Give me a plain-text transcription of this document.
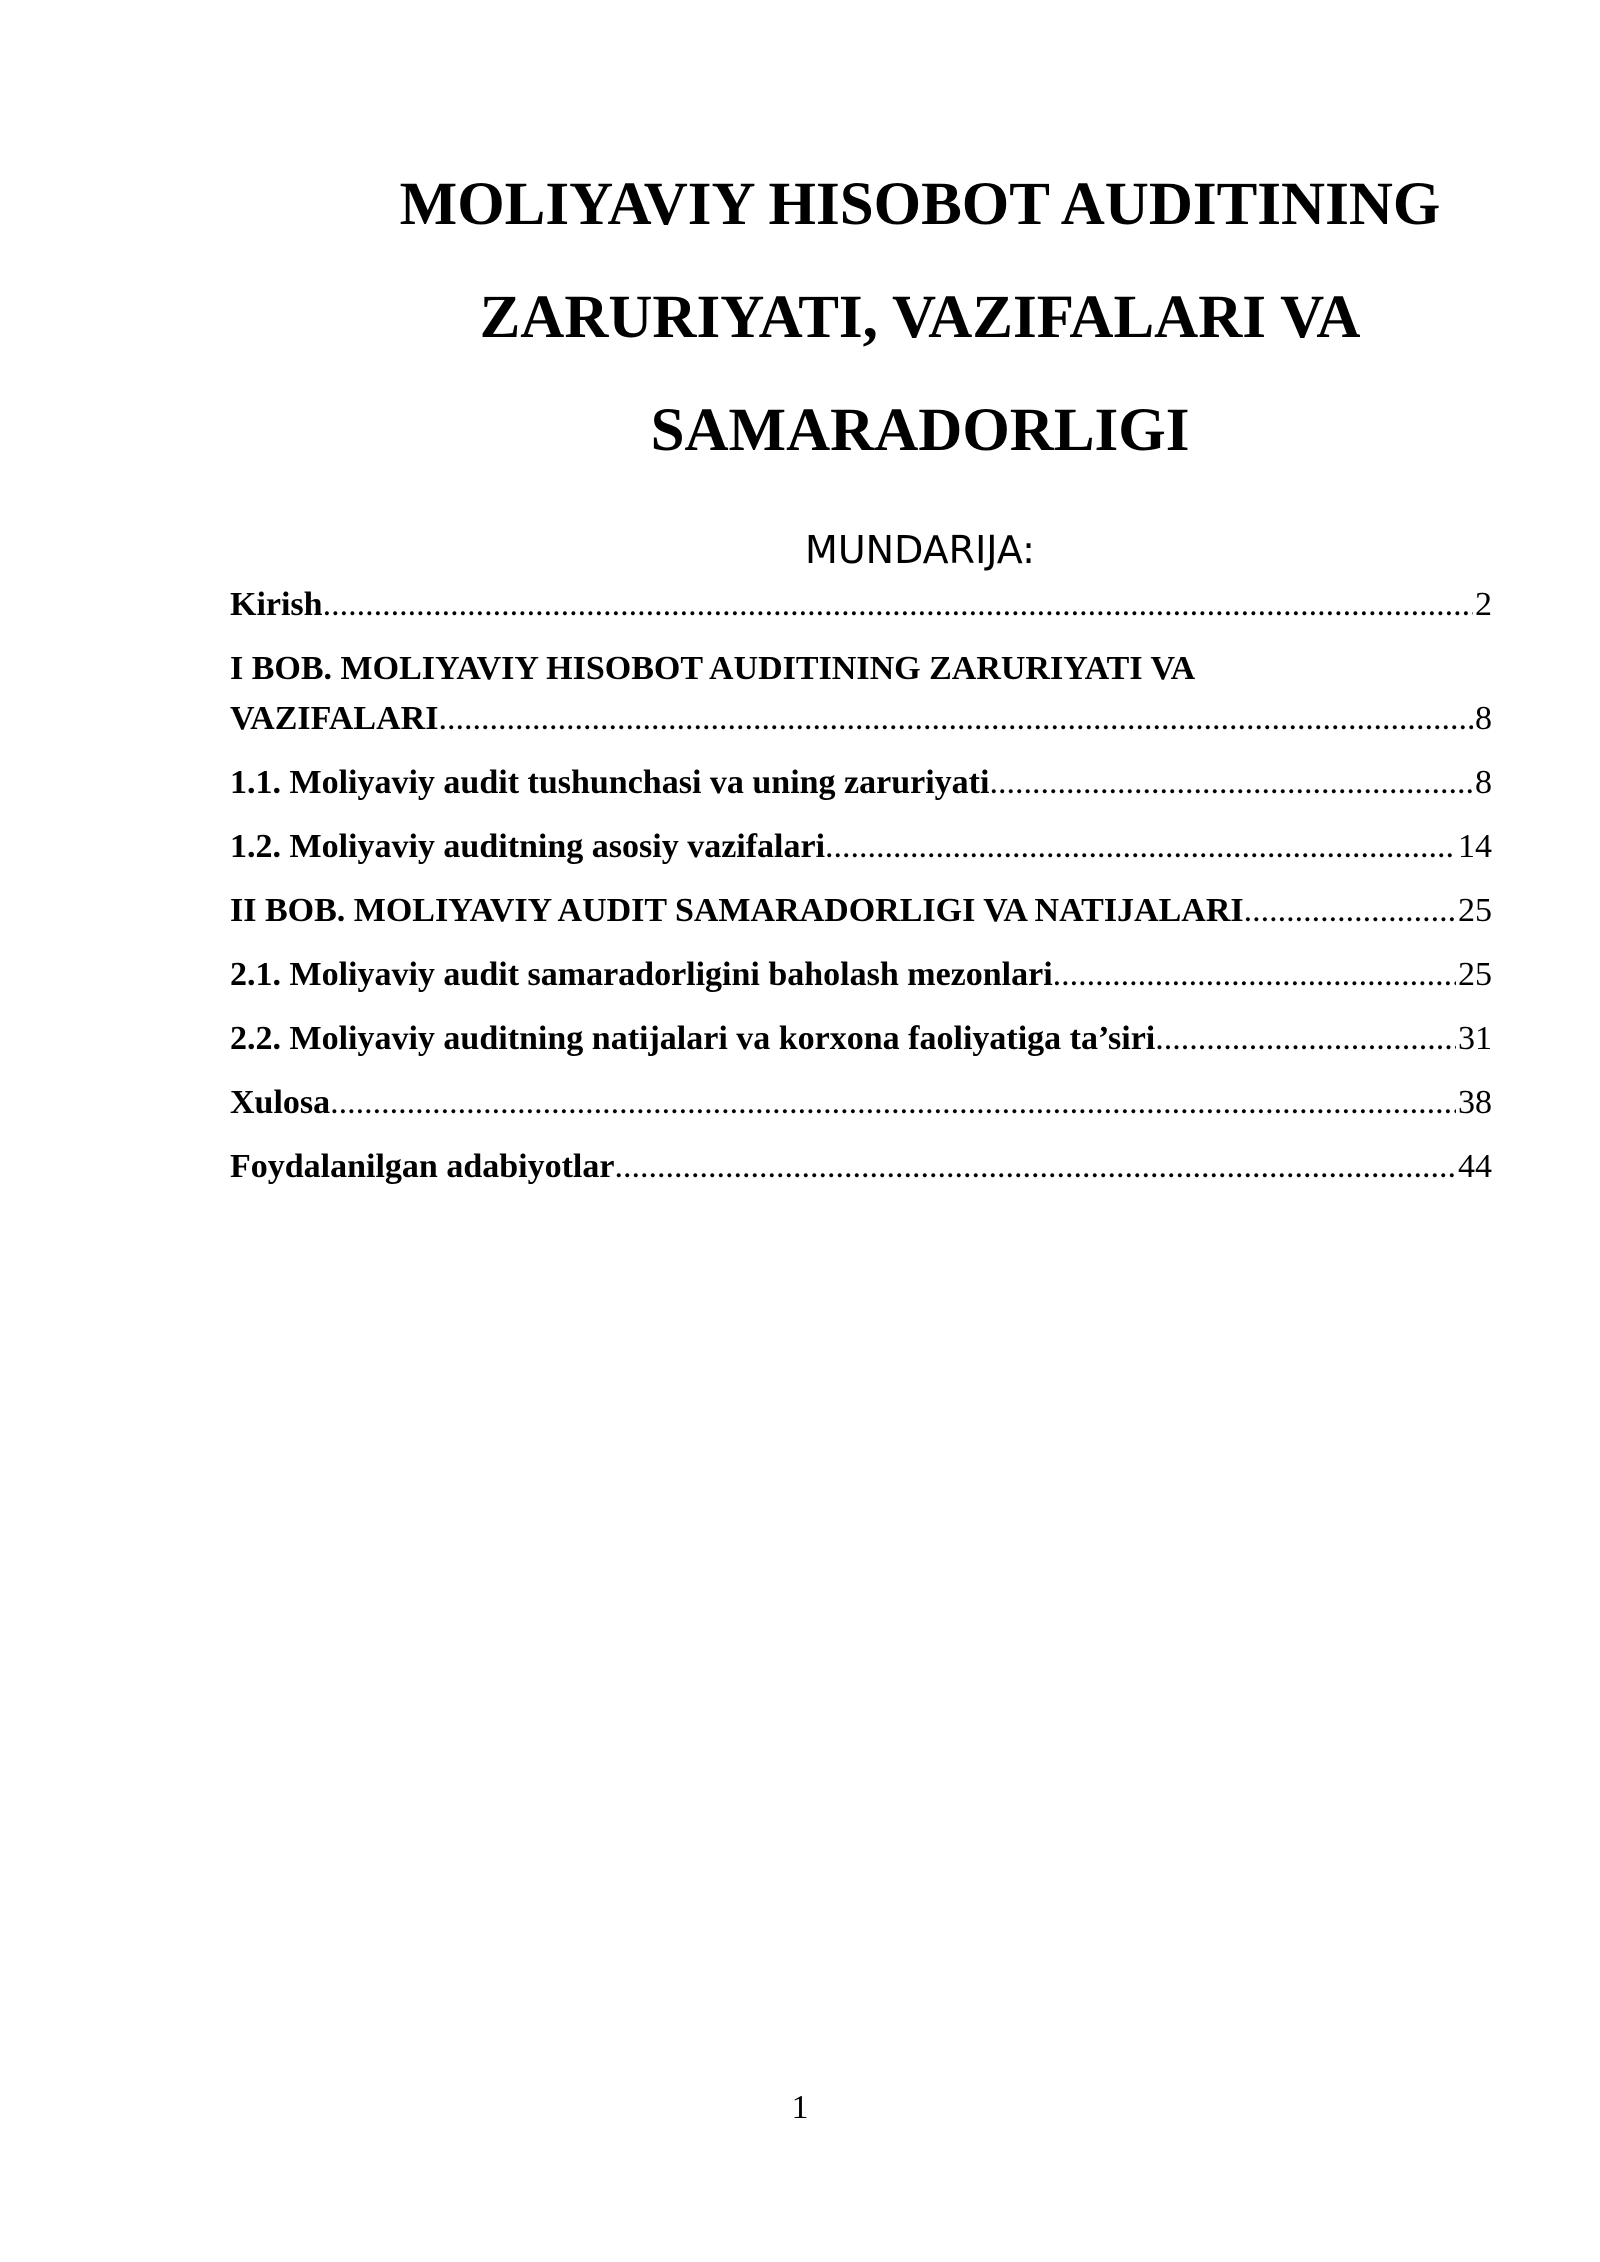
MOLIYAVIY HISOBOT AUDITINING
ZARURIYATI, VAZIFALARI VA
SAMARADORLIGI
MUNDARIJA:
Kirish .....	2
I BOB. MOLIYAVIY HISOBOT AUDITINING ZARURIYATI VA
VAZIFALARI .....	8
1.1. Moliyaviy audit tushunchasi va uning zaruriyati .....	8
1.2. Moliyaviy auditning asosiy vazifalari .....	14
II BOB. MOLIYAVIY AUDIT SAMARADORLIGI VA NATIJALARI .....	25
2.1. Moliyaviy audit samaradorligini baholash mezonlari .....	25
2.2. Moliyaviy auditning natijalari va korxona faoliyatiga ta’siri .....	31
Xulosa .....	38
Foydalanilgan adabiyotlar .....	44
1
